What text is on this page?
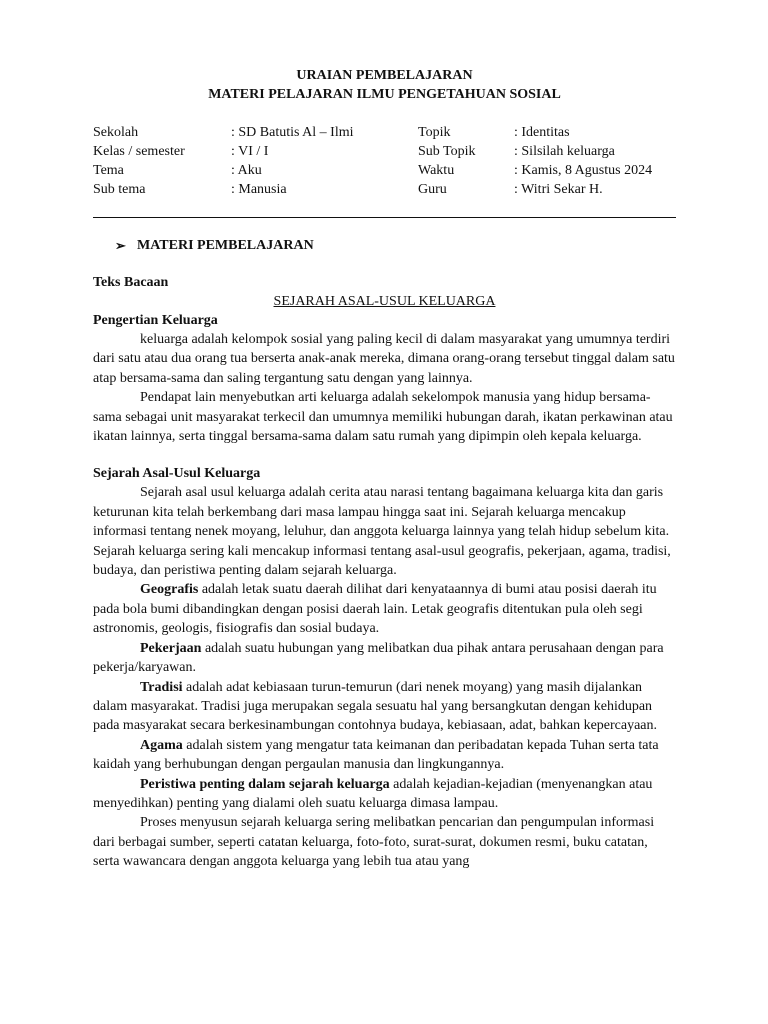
URAIAN PEMBELAJARAN
MATERI PELAJARAN ILMU PENGETAHUAN SOSIAL
Sekolah
Kelas / semester
Tema
Sub tema
: SD Batutis Al – Ilmi
: VI / I
: Aku
: Manusia
Topik
Sub Topik
Waktu
Guru
: Identitas
: Silsilah keluarga
: Kamis, 8 Agustus 2024
: Witri Sekar H.
➢ MATERI PEMBELAJARAN
Teks Bacaan
SEJARAH ASAL-USUL KELUARGA
Pengertian Keluarga

keluarga adalah kelompok sosial yang paling kecil di dalam masyarakat yang umumnya terdiri

dari satu atau dua orang tua berserta anak-anak mereka, dimana orang-orang tersebut tinggal dalam satu atap bersama-sama dan saling tergantung satu dengan yang lainnya.

Pendapat lain menyebutkan arti keluarga adalah sekelompok manusia yang hidup bersama-sama sebagai unit masyarakat terkecil dan umumnya memiliki hubungan darah, ikatan perkawinan atau ikatan lainnya, serta tinggal bersama-sama dalam satu rumah yang dipimpin oleh kepala keluarga.

Sejarah Asal-Usul Keluarga

Sejarah asal usul keluarga adalah cerita atau narasi tentang bagaimana keluarga kita dan garis keturunan kita telah berkembang dari masa lampau hingga saat ini. Sejarah keluarga mencakup informasi tentang nenek moyang, leluhur, dan anggota keluarga lainnya yang telah hidup sebelum kita. Sejarah keluarga sering kali mencakup informasi tentang asal-usul geografis, pekerjaan, agama, tradisi, budaya, dan peristiwa penting dalam sejarah keluarga.

Geografis adalah letak suatu daerah dilihat dari kenyataannya di bumi atau posisi daerah itu pada bola bumi dibandingkan dengan posisi daerah lain. Letak geografis ditentukan pula oleh segi astronomis, geologis, fisiografis dan sosial budaya.

Pekerjaan adalah suatu hubungan yang melibatkan dua pihak antara perusahaan dengan para pekerja/karyawan.

Tradisi adalah adat kebiasaan turun-temurun (dari nenek moyang) yang masih dijalankan dalam masyarakat. Tradisi juga merupakan segala sesuatu hal yang bersangkutan dengan kehidupan pada masyarakat secara berkesinambungan contohnya budaya, kebiasaan, adat, bahkan kepercayaan.

Agama adalah sistem yang mengatur tata keimanan dan peribadatan kepada Tuhan serta tata kaidah yang berhubungan dengan pergaulan manusia dan lingkungannya.

Peristiwa penting dalam sejarah keluarga adalah kejadian-kejadian (menyenangkan atau menyedihkan) penting yang dialami oleh suatu keluarga dimasa lampau.

Proses menyusun sejarah keluarga sering melibatkan pencarian dan pengumpulan informasi dari berbagai sumber, seperti catatan keluarga, foto-foto, surat-surat, dokumen resmi, buku catatan, serta wawancara dengan anggota keluarga yang lebih tua atau yang
